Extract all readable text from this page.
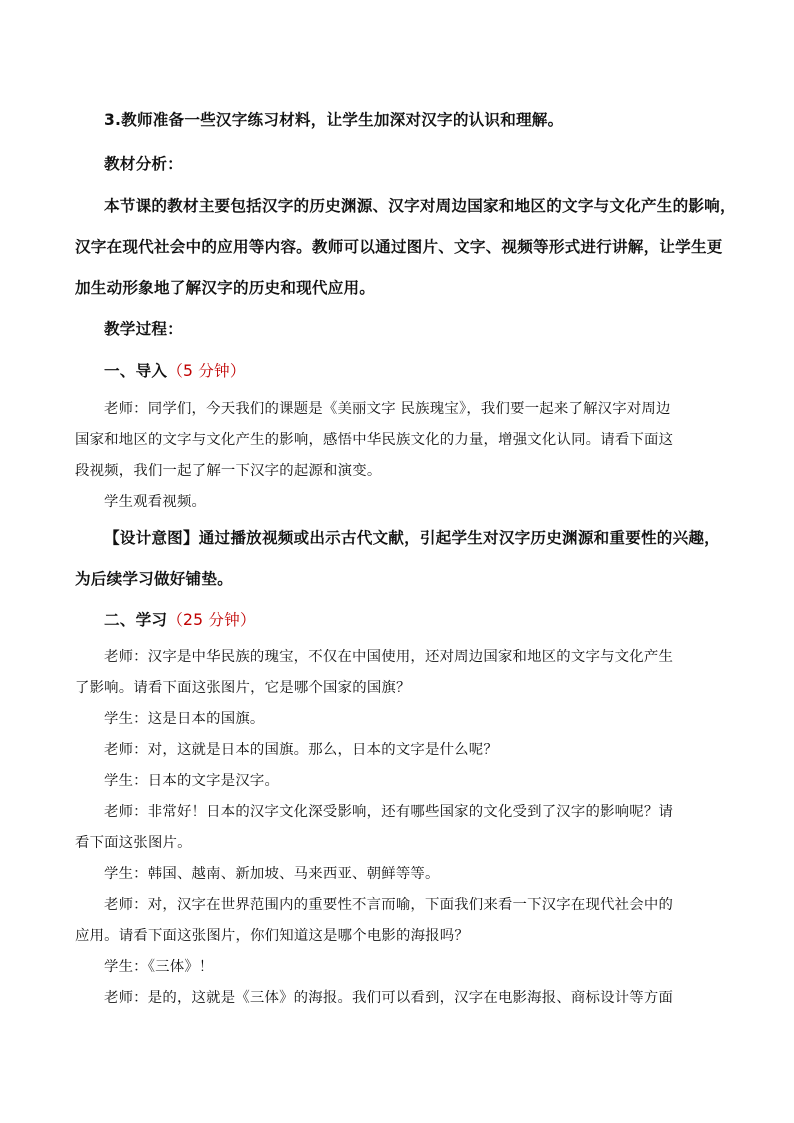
3.教师准备一些汉字练习材料，让学生加深对汉字的认识和理解。
教材分析：
本节课的教材主要包括汉字的历史渊源、汉字对周边国家和地区的文字与文化产生的影响，
汉字在现代社会中的应用等内容。教师可以通过图片、文字、视频等形式进行讲解，让学生更
加生动形象地了解汉字的历史和现代应用。
教学过程：
一、导入（5 分钟）
老师：同学们，今天我们的课题是《美丽文字 民族瑰宝》，我们要一起来了解汉字对周边
国家和地区的文字与文化产生的影响，感悟中华民族文化的力量，增强文化认同。请看下面这
段视频，我们一起了解一下汉字的起源和演变。
学生观看视频。
【设计意图】通过播放视频或出示古代文献，引起学生对汉字历史渊源和重要性的兴趣，
为后续学习做好铺垫。
二、学习（25 分钟）
老师：汉字是中华民族的瑰宝，不仅在中国使用，还对周边国家和地区的文字与文化产生
了影响。请看下面这张图片，它是哪个国家的国旗？
学生：这是日本的国旗。
老师：对，这就是日本的国旗。那么，日本的文字是什么呢？
学生：日本的文字是汉字。
老师：非常好！日本的汉字文化深受影响，还有哪些国家的文化受到了汉字的影响呢？请
看下面这张图片。
学生：韩国、越南、新加坡、马来西亚、朝鲜等等。
老师：对，汉字在世界范围内的重要性不言而喻，下面我们来看一下汉字在现代社会中的
应用。请看下面这张图片，你们知道这是哪个电影的海报吗？
学生：《三体》！
老师：是的，这就是《三体》的海报。我们可以看到，汉字在电影海报、商标设计等方面
